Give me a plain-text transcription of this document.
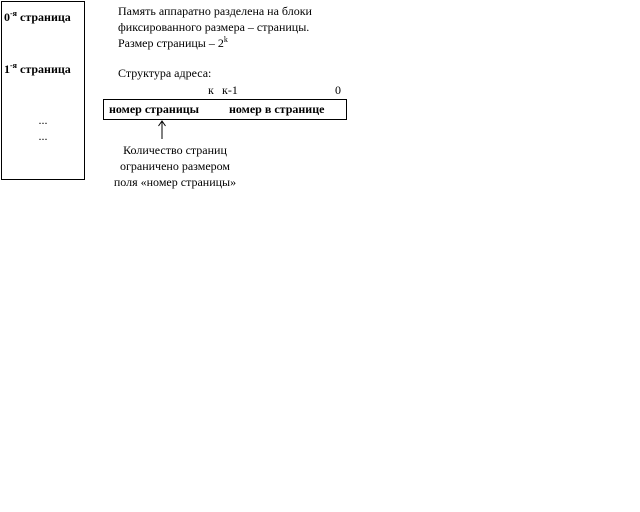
$0^{-я}$ страница
$1^{-я}$ страница
...
...
Память аппаратно разделена на блоки
фиксированного размера – страницы.
Размер страницы – 2$^k$
Структура адреса:
к к-1	0
номер страницы номер в странице
Количество страниц
ограничено размером
поля «номер страницы»
